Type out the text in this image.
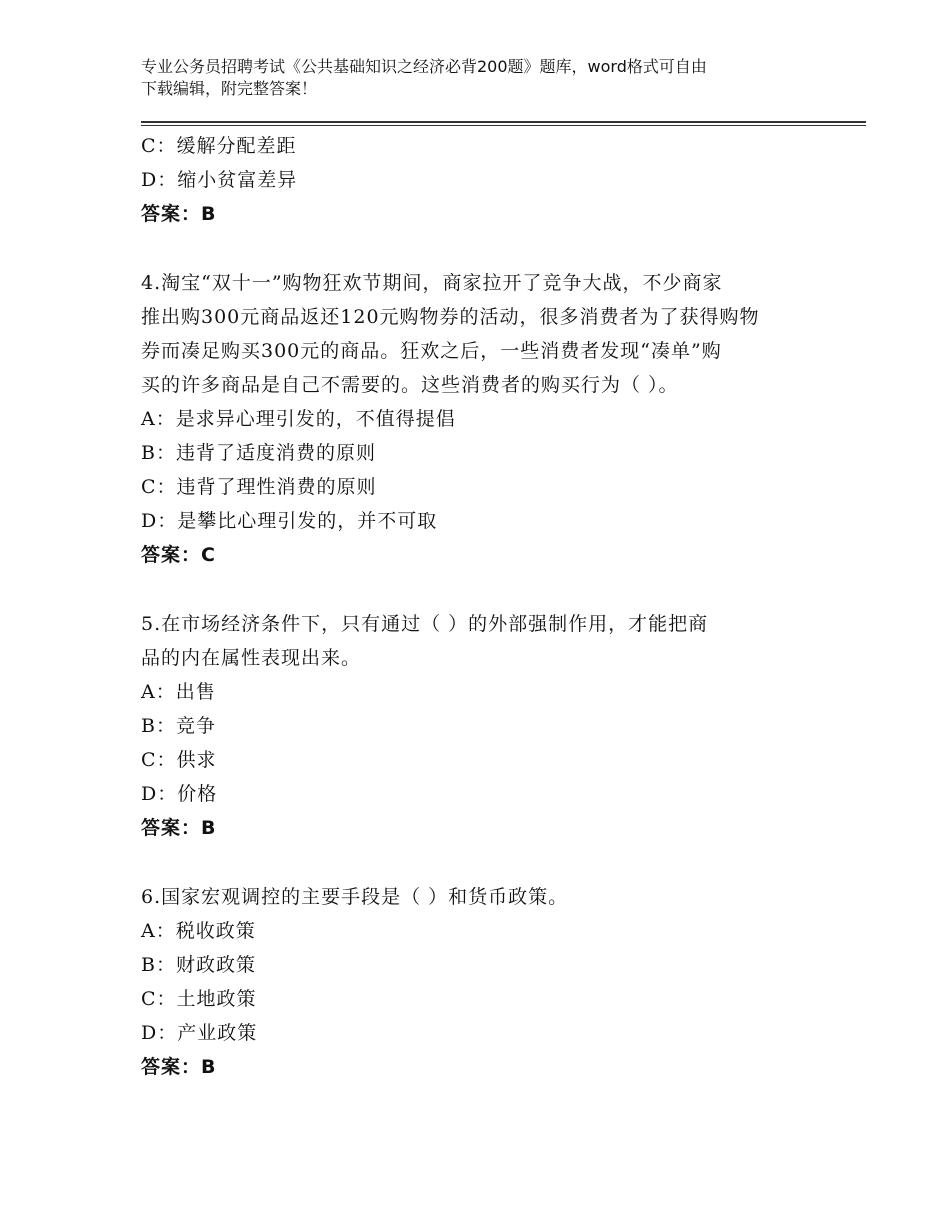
专业公务员招聘考试《公共基础知识之经济必背200题》题库，word格式可自由
下载编辑，附完整答案！
C：缓解分配差距
D：缩小贫富差异
答案：B
4.淘宝“双十一”购物狂欢节期间，商家拉开了竞争大战，不少商家
推出购300元商品返还120元购物券的活动，很多消费者为了获得购物
券而凑足购买300元的商品。狂欢之后，一些消费者发现“凑单”购
买的许多商品是自己不需要的。这些消费者的购买行为（ ）。
A：是求异心理引发的，不值得提倡
B：违背了适度消费的原则
C：违背了理性消费的原则
D：是攀比心理引发的，并不可取
答案：C
5.在市场经济条件下，只有通过（ ）的外部强制作用，才能把商
品的内在属性表现出来。
A：出售
B：竞争
C：供求
D：价格
答案：B
6.国家宏观调控的主要手段是（ ）和货币政策。
A：税收政策
B：财政政策
C：土地政策
D：产业政策
答案：B
